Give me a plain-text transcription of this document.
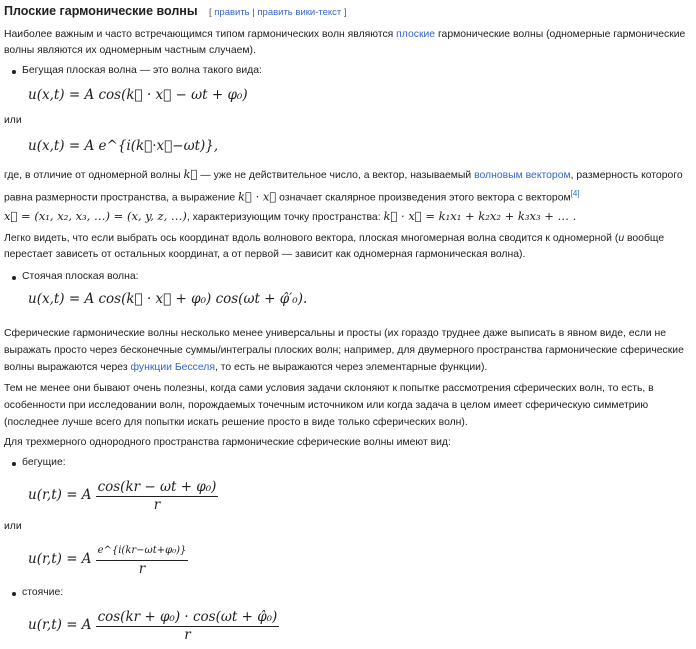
Плоские гармонические волны [ править | править вики-текст ]

Наиболее важным и часто встречающимся типом гармонических волн являются плоские гармонические волны (одномерные гармонические волны являются их одномерным частным случаем).

Бегущая плоская волна — это волна такого вида:
u(x,t) = A cos(k⃗ · x⃗ − ωt + φ₀)
или
u(x,t) = A e^{i(k⃗·x⃗−ωt)},

где, в отличие от одномерной волны k⃗ — уже не действительное число, а вектор, называемый волновым вектором, размерность которого равна размерности пространства, а выражение k⃗ · x⃗ означает скалярное произведения этого вектора с вектором[4] x⃗ = (x₁, x₂, x₃, …) = (x, y, z, …), характеризующим точку пространства: k⃗ · x⃗ = k₁x₁ + k₂x₂ + k₃x₃ + … .

Легко видеть, что если выбрать ось координат вдоль волнового вектора, плоская многомерная волна сводится к одномерной (u вообще перестает зависеть от остальных координат, а от первой — зависит как одномерная гармоническая волна).

Стоячая плоская волна:
u(x,t) = A cos(k⃗ · x⃗ + φ₀) cos(ωt + φ̂′₀).

Сферические гармонические волны несколько менее универсальны и просты (их гораздо труднее даже выписать в явном виде, если не выражать просто через бесконечные суммы/интегралы плоских волн; например, для двумерного пространства гармонические сферические волны выражаются через функции Бесселя, то есть не выражаются через элементарные функции).

Тем не менее они бывают очень полезны, когда сами условия задачи склоняют к попытке рассмотрения сферических волн, то есть, в особенности при исследовании волн, порождаемых точечным источником или когда задача в целом имеет сферическую симметрию (последнее лучше всего для попытки искать решение просто в виде только сферических волн).

Для трехмерного однородного пространства гармонические сферические волны имеют вид:

бегущие:
u(r,t) = A $\frac{\text{cos(kr − ωt + φ₀)}}{r}$
или
u(r,t) = A $\frac{\text{e\textasciicircum{}\{i(kr−ωt+φ₀)\}}}{r}$
стоячие:
u(r,t) = A $\frac{\text{cos(kr + φ₀) · cos(ωt + φ̂₀)}}{r}$
